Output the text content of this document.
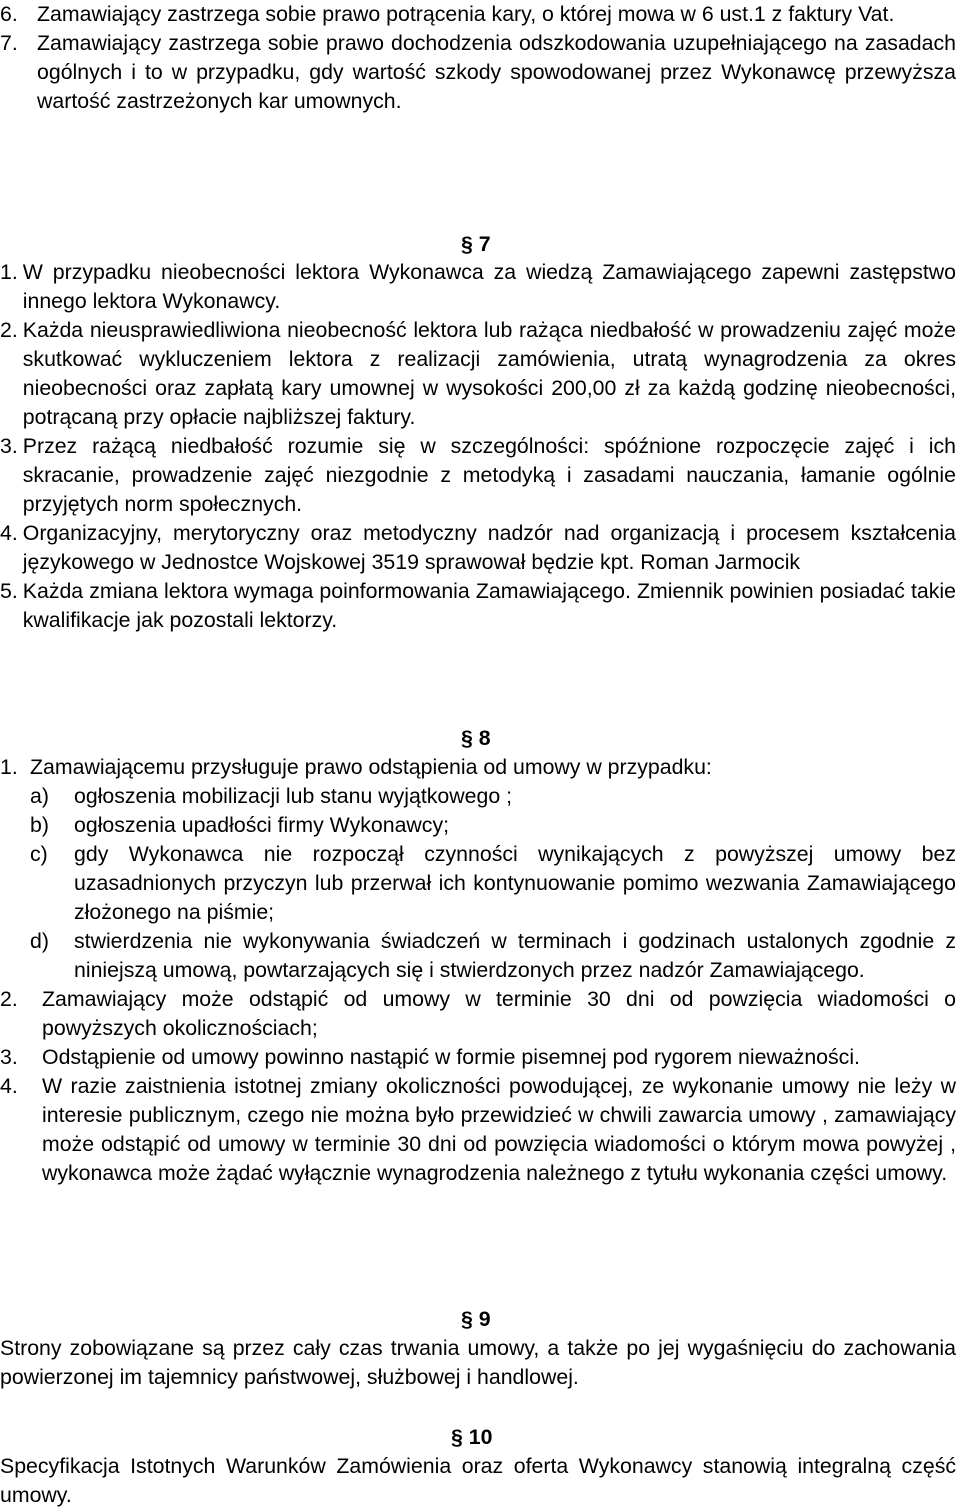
6. Zamawiający zastrzega sobie prawo potrącenia kary, o której mowa w 6 ust.1 z faktury Vat.
7. Zamawiający zastrzega sobie prawo dochodzenia odszkodowania uzupełniającego na zasadach ogólnych i to w przypadku, gdy wartość szkody spowodowanej przez Wykonawcę przewyższa wartość zastrzeżonych kar umownych.
§ 7
1. W przypadku nieobecności lektora Wykonawca za wiedzą Zamawiającego zapewni zastępstwo innego lektora Wykonawcy.
2. Każda nieusprawiedliwiona nieobecność lektora lub rażąca niedbałość w prowadzeniu zajęć może skutkować wykluczeniem lektora z realizacji zamówienia, utratą wynagrodzenia za okres nieobecności oraz zapłatą kary umownej w wysokości 200,00 zł za każdą godzinę nieobecności, potrącaną przy opłacie najbliższej faktury.
3. Przez rażącą niedbałość rozumie się w szczególności: spóźnione rozpoczęcie zajęć i ich skracanie, prowadzenie zajęć niezgodnie z metodyką i zasadami nauczania, łamanie ogólnie przyjętych norm społecznych.
4. Organizacyjny, merytoryczny oraz metodyczny nadzór nad organizacją i procesem kształcenia językowego w Jednostce Wojskowej 3519 sprawował będzie kpt. Roman Jarmocik
5. Każda zmiana lektora wymaga poinformowania Zamawiającego. Zmiennik powinien posiadać takie kwalifikacje jak pozostali lektorzy.
§ 8
1. Zamawiającemu przysługuje prawo odstąpienia od umowy w przypadku:
a)	ogłoszenia mobilizacji lub stanu wyjątkowego ;
b)	ogłoszenia upadłości firmy Wykonawcy;
c)	gdy Wykonawca nie rozpoczął czynności wynikających z powyższej umowy bez uzasadnionych przyczyn lub przerwał ich kontynuowanie pomimo wezwania Zamawiającego złożonego na piśmie;
d)	stwierdzenia nie wykonywania świadczeń w terminach i godzinach ustalonych zgodnie z niniejszą umową, powtarzających się i stwierdzonych przez nadzór Zamawiającego.
2.	Zamawiający może odstąpić od umowy w terminie 30 dni od powzięcia wiadomości o powyższych okolicznościach;
3.	Odstąpienie od umowy powinno nastąpić w formie pisemnej pod rygorem nieważności.
4.	W razie zaistnienia istotnej zmiany okoliczności powodującej, ze wykonanie umowy nie leży w interesie publicznym, czego nie można było przewidzieć w chwili zawarcia umowy , zamawiający może odstąpić od umowy w terminie 30 dni od powzięcia wiadomości o którym mowa powyżej , wykonawca może żądać wyłącznie wynagrodzenia należnego z tytułu wykonania części umowy.
§ 9
Strony zobowiązane są przez cały czas trwania umowy, a także po jej wygaśnięciu do zachowania powierzonej im tajemnicy państwowej, służbowej i handlowej.
§ 10
Specyfikacja Istotnych Warunków Zamówienia oraz oferta Wykonawcy stanowią integralną część umowy.
